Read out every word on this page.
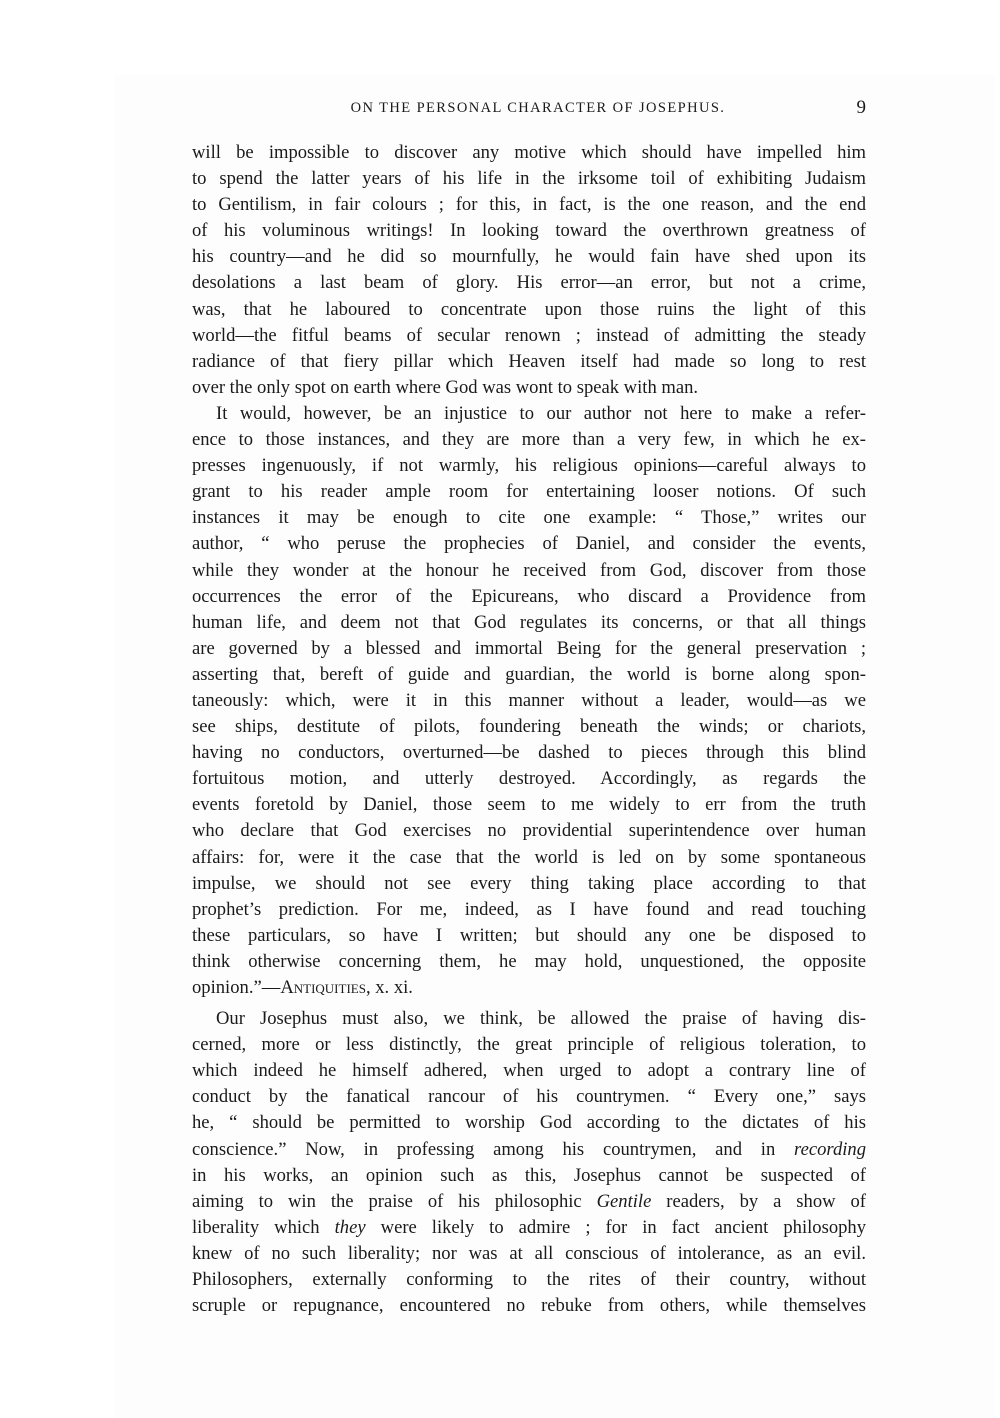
ON THE PERSONAL CHARACTER OF JOSEPHUS.	9
will be impossible to discover any motive which should have impelled him
to spend the latter years of his life in the irksome toil of exhibiting Judaism
to Gentilism, in fair colours ; for this, in fact, is the one reason, and the end
of his voluminous writings! In looking toward the overthrown greatness of
his country—and he did so mournfully, he would fain have shed upon its
desolations a last beam of glory. His error—an error, but not a crime,
was, that he laboured to concentrate upon those ruins the light of this
world—the fitful beams of secular renown ; instead of admitting the steady
radiance of that fiery pillar which Heaven itself had made so long to rest
over the only spot on earth where God was wont to speak with man.
It would, however, be an injustice to our author not here to make a refer-
ence to those instances, and they are more than a very few, in which he ex-
presses ingenuously, if not warmly, his religious opinions—careful always to
grant to his reader ample room for entertaining looser notions. Of such
instances it may be enough to cite one example: “ Those,” writes our
author, “ who peruse the prophecies of Daniel, and consider the events,
while they wonder at the honour he received from God, discover from those
occurrences the error of the Epicureans, who discard a Providence from
human life, and deem not that God regulates its concerns, or that all things
are governed by a blessed and immortal Being for the general preservation ;
asserting that, bereft of guide and guardian, the world is borne along spon-
taneously: which, were it in this manner without a leader, would—as we
see ships, destitute of pilots, foundering beneath the winds; or chariots,
having no conductors, overturned—be dashed to pieces through this blind
fortuitous motion, and utterly destroyed. Accordingly, as regards the
events foretold by Daniel, those seem to me widely to err from the truth
who declare that God exercises no providential superintendence over human
affairs: for, were it the case that the world is led on by some spontaneous
impulse, we should not see every thing taking place according to that
prophet’s prediction. For me, indeed, as I have found and read touching
these particulars, so have I written; but should any one be disposed to
think otherwise concerning them, he may hold, unquestioned, the opposite
opinion.”—Antiquities, x. xi.
Our Josephus must also, we think, be allowed the praise of having dis-
cerned, more or less distinctly, the great principle of religious toleration, to
which indeed he himself adhered, when urged to adopt a contrary line of
conduct by the fanatical rancour of his countrymen. “ Every one,” says
he, “ should be permitted to worship God according to the dictates of his
conscience.” Now, in professing among his countrymen, and in recording
in his works, an opinion such as this, Josephus cannot be suspected of
aiming to win the praise of his philosophic Gentile readers, by a show of
liberality which they were likely to admire ; for in fact ancient philosophy
knew of no such liberality; nor was at all conscious of intolerance, as an evil.
Philosophers, externally conforming to the rites of their country, without
scruple or repugnance, encountered no rebuke from others, while themselves
